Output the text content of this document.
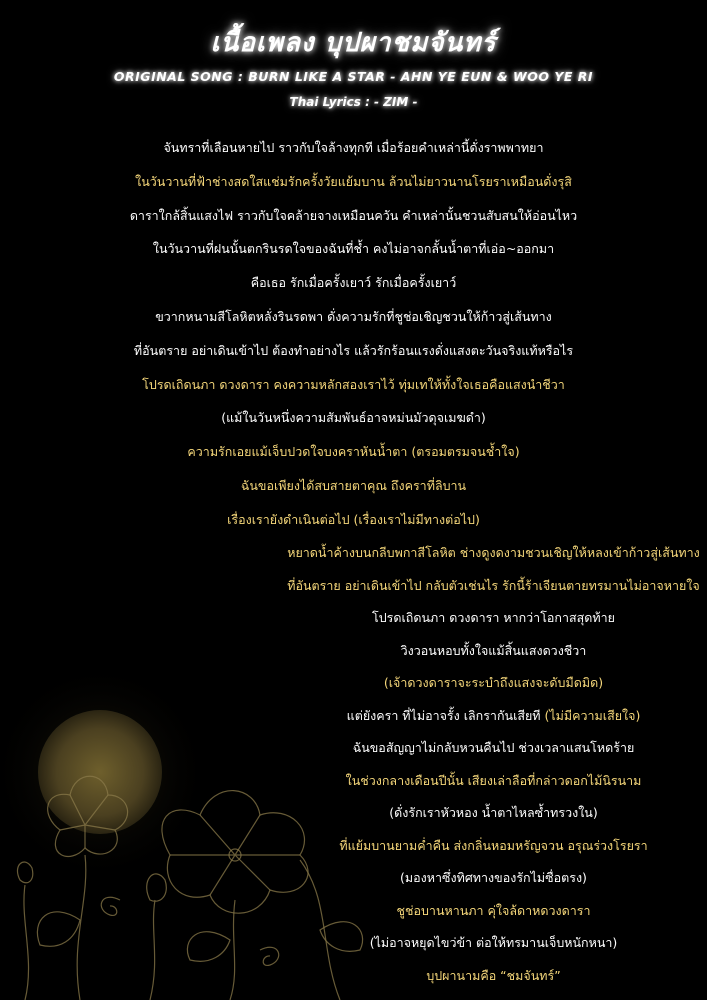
เนื้อเพลง บุปผาชมจันทร์
ORIGINAL SONG : BURN LIKE A STAR - AHN YE EUN & WOO YE RI
Thai Lyrics : - ZIM -
จันทราที่เลือนหายไป ราวกับใจล้างทุกที เมื่อร้อยคำเหล่านี้ดั่งราพพาทยา
ในวันวานที่ฟ้าช่างสดใสแช่มรักครั้งวัยแย้มบาน ล้วนไม่ยาวนานโรยราเหมือนดั่งรุสิ
ดาราใกล้สิ้นแสงไฟ ราวกับใจคล้ายจางเหมือนควัน คำเหล่านั้นชวนสับสนให้อ่อนไหว
ในวันวานที่ฝนนั้นตกรินรดใจของฉันที่ช้ำ คงไม่อาจกลั้นน้ำตาที่เอ่อ~ออกมา
คือเธอ รักเมื่อครั้งเยาว์ รักเมื่อครั้งเยาว์
ขวากหนามสีโลหิตหลั่งรินรดพา ดั่งความรักที่ชูช่อเชิญชวนให้ก้าวสู่เส้นทาง
ที่อันตราย อย่าเดินเข้าไป ต้องทำอย่างไร แล้วรักร้อนแรงดั่งแสงตะวันจริงแท้หรือไร
โปรดเถิดนภา ดวงดารา คงความหลักสองเราไว้ ทุ่มเทให้ทั้งใจเธอคือแสงนำชีวา
(แม้ในวันหนึ่งความสัมพันธ์อาจหม่นมัวดุจเมฆดำ)
ความรักเอยแม้เจ็บปวดใจบงคราหันน้ำตา (ตรอมตรมจนช้ำใจ)
ฉันขอเพียงได้สบสายตาคุณ ถึงคราที่ลิบาน
เรื่องเรายังดำเนินต่อไป (เรื่องเราไม่มีทางต่อไป)
หยาดน้ำค้างบนกลีบพกาสีโลหิต ช่างดูงดงามชวนเชิญให้หลงเข้าก้าวสู่เส้นทาง
ที่อันตราย อย่าเดินเข้าไป กลับตัวเช่นไร รักนี้ร้าเจียนตายทรมานไม่อาจหายใจ
โปรดเถิดนภา ดวงดารา หากว่าโอกาสสุดท้าย
วิงวอนหอบทั้งใจแม้สิ้นแสงดวงชีวา
(เจ้าดวงดาราจะระบำถึงแสงจะดับมืดมิด)
แต่ยังครา ที่ไม่อาจรั้ง เลิกรากันเสียที (ไม่มีความเสียใจ)
ฉันขอสัญญาไม่กลับหวนคืนไป ช่วงเวลาแสนโหดร้าย
ในช่วงกลางเดือนปีนั้น เสียงเล่าลือที่กล่าวดอกไม้นิรนาม
(ดั่งรักเราหัวหอง น้ำตาไหลซ้ำทรวงใน)
ที่แย้มบานยามค่ำคืน ส่งกลิ่นหอมหรัญจวน อรุณร่วงโรยรา
(มองหาซึ่งทิศทางของรักไม่ซื่อตรง)
ชูช่อบานหานภา คุ่ใจล้ดาหดวงดารา
(ไม่อาจหยุดไขว่ข้า ต่อให้ทรมานเจ็บหนักหนา)
บุปผานามคือ “ชมจันทร์”
